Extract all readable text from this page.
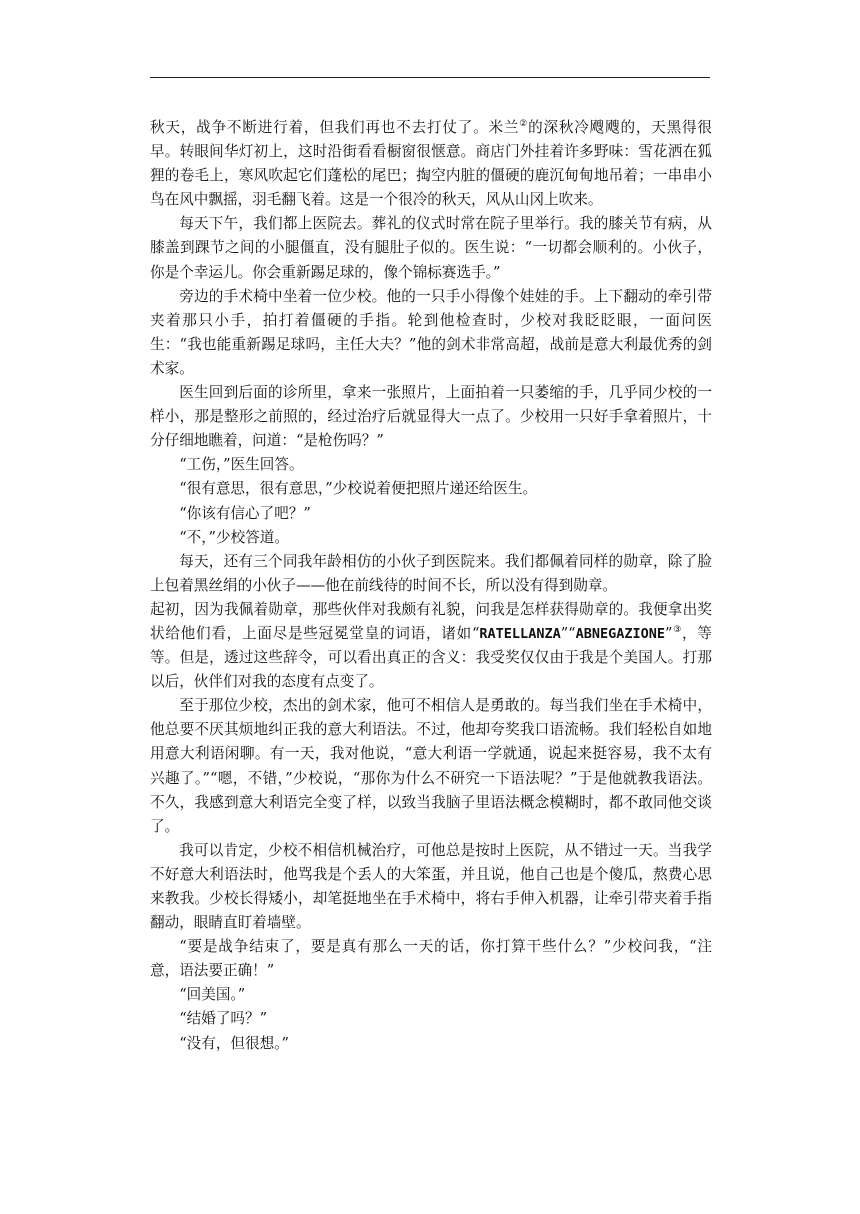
秋天，战争不断进行着，但我们再也不去打仗了。米兰②的深秋冷飕飕的，天黑得很早。转眼间华灯初上，这时沿街看看橱窗很惬意。商店门外挂着许多野味：雪花洒在狐狸的卷毛上，寒风吹起它们蓬松的尾巴；掏空内脏的僵硬的鹿沉甸甸地吊着；一串串小鸟在风中飘摇，羽毛翻飞着。这是一个很冷的秋天，风从山冈上吹来。

每天下午，我们都上医院去。葬礼的仪式时常在院子里举行。我的膝关节有病，从膝盖到踝节之间的小腿僵直，没有腿肚子似的。医生说：“一切都会顺利的。小伙子，你是个幸运儿。你会重新踢足球的，像个锦标赛选手。”

旁边的手术椅中坐着一位少校。他的一只手小得像个娃娃的手。上下翻动的牵引带夹着那只小手，拍打着僵硬的手指。轮到他检查时，少校对我眨眨眼，一面问医生：“我也能重新踢足球吗，主任大夫？”他的剑术非常高超，战前是意大利最优秀的剑术家。

医生回到后面的诊所里，拿来一张照片，上面拍着一只萎缩的手，几乎同少校的一样小，那是整形之前照的，经过治疗后就显得大一点了。少校用一只好手拿着照片，十分仔细地瞧着，问道：“是枪伤吗？”

“工伤，”医生回答。

“很有意思，很有意思，”少校说着便把照片递还给医生。

“你该有信心了吧？”

“不，”少校答道。

每天，还有三个同我年龄相仿的小伙子到医院来。我们都佩着同样的勋章，除了脸上包着黑丝绢的小伙子——他在前线待的时间不长，所以没有得到勋章。

起初，因为我佩着勋章，那些伙伴对我颇有礼貌，问我是怎样获得勋章的。我便拿出奖状给他们看，上面尽是些冠冕堂皇的词语，诸如“RATELLANZA”“ABNEGAZIONE”③，等等。但是，透过这些辞令，可以看出真正的含义：我受奖仅仅由于我是个美国人。打那以后，伙伴们对我的态度有点变了。

至于那位少校，杰出的剑术家，他可不相信人是勇敢的。每当我们坐在手术椅中，他总要不厌其烦地纠正我的意大利语法。不过，他却夸奖我口语流畅。我们轻松自如地用意大利语闲聊。有一天，我对他说，“意大利语一学就通，说起来挺容易，我不太有兴趣了。”“嗯，不错，”少校说，“那你为什么不研究一下语法呢？”于是他就教我语法。不久，我感到意大利语完全变了样，以致当我脑子里语法概念模糊时，都不敢同他交谈了。

我可以肯定，少校不相信机械治疗，可他总是按时上医院，从不错过一天。当我学不好意大利语法时，他骂我是个丢人的大笨蛋，并且说，他自己也是个傻瓜，熬费心思来教我。少校长得矮小，却笔挺地坐在手术椅中，将右手伸入机器，让牵引带夹着手指翻动，眼睛直盯着墙壁。

“要是战争结束了，要是真有那么一天的话，你打算干些什么？”少校问我，“注意，语法要正确！”

“回美国。”

“结婚了吗？”

“没有，但很想。”
